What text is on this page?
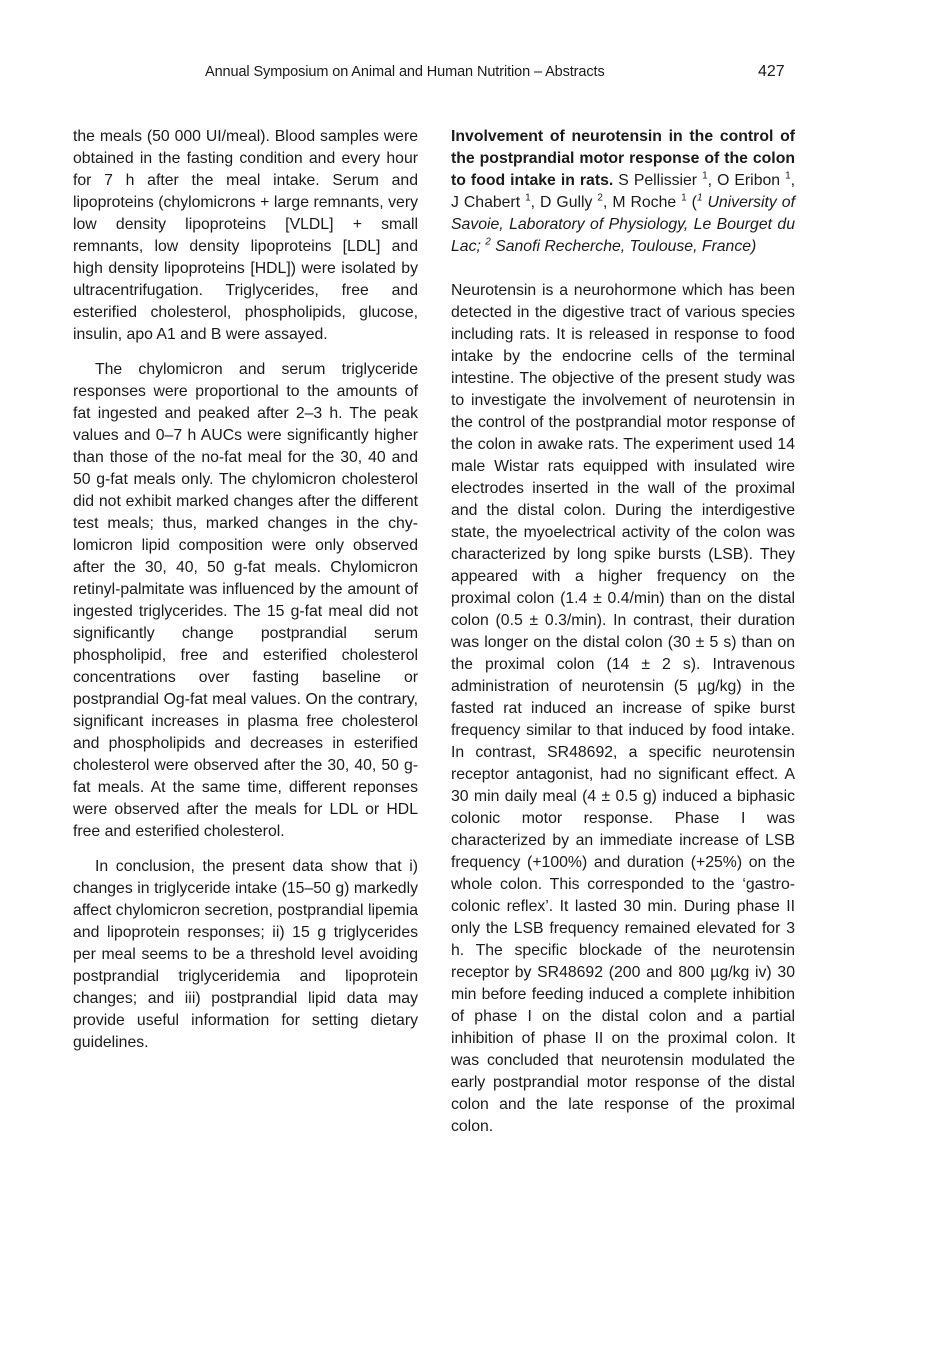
Annual Symposium on Animal and Human Nutrition – Abstracts	427

the meals (50 000 UI/meal). Blood samples were obtained in the fasting condition and every hour for 7 h after the meal intake. Serum and lipoproteins (chylomicrons + large remnants, very low density lipoproteins [VLDL] + small remnants, low density lipoproteins [LDL] and high density lipoproteins [HDL]) were isolated by ultracentrifugation. Triglycerides, free and esterified cholesterol, phospholipids, glucose, insulin, apo A1 and B were assayed.

The chylomicron and serum triglyceride responses were proportional to the amounts of fat ingested and peaked after 2–3 h. The peak values and 0–7 h AUCs were significantly higher than those of the no-fat meal for the 30, 40 and 50 g-fat meals only. The chylomicron cholesterol did not exhibit marked changes after the different test meals; thus, marked changes in the chylomicron lipid composition were only observed after the 30, 40, 50 g-fat meals. Chylomicron retinyl-palmitate was influenced by the amount of ingested triglycerides. The 15 g-fat meal did not significantly change postprandial serum phospholipid, free and esterified cholesterol concentrations over fasting baseline or postprandial Og-fat meal values. On the contrary, significant increases in plasma free cholesterol and phospholipids and decreases in esterified cholesterol were observed after the 30, 40, 50 g-fat meals. At the same time, different reponses were observed after the meals for LDL or HDL free and esterified cholesterol.

In conclusion, the present data show that i) changes in triglyceride intake (15–50 g) markedly affect chylomicron secretion, postprandial lipemia and lipoprotein responses; ii) 15 g triglycerides per meal seems to be a threshold level avoiding postprandial triglyceridemia and lipoprotein changes; and iii) postprandial lipid data may provide useful information for setting dietary guidelines.

Involvement of neurotensin in the control of the postprandial motor response of the colon to food intake in rats. S Pellissier $^1$, O Eribon $^1$, J Chabert $^1$, D Gully $^2$, M Roche $^1$ ($^1$ University of Savoie, Laboratory of Physiology, Le Bourget du Lac; $^2$ Sanofi Recherche, Toulouse, France)

Neurotensin is a neurohormone which has been detected in the digestive tract of various species including rats. It is released in response to food intake by the endocrine cells of the terminal intestine. The objective of the present study was to investigate the involvement of neurotensin in the control of the postprandial motor response of the colon in awake rats. The experiment used 14 male Wistar rats equipped with insulated wire electrodes inserted in the wall of the proximal and the distal colon. During the interdigestive state, the myoelectrical activity of the colon was characterized by long spike bursts (LSB). They appeared with a higher frequency on the proximal colon (1.4 ± 0.4/min) than on the distal colon (0.5 ± 0.3/min). In contrast, their duration was longer on the distal colon (30 ± 5 s) than on the proximal colon (14 ± 2 s). Intravenous administration of neurotensin (5 µg/kg) in the fasted rat induced an increase of spike burst frequency similar to that induced by food intake. In contrast, SR48692, a specific neurotensin receptor antagonist, had no significant effect. A 30 min daily meal (4 ± 0.5 g) induced a biphasic colonic motor response. Phase I was characterized by an immediate increase of LSB frequency (+100%) and duration (+25%) on the whole colon. This corresponded to the ‘gastrocolonic reflex’. It lasted 30 min. During phase II only the LSB frequency remained elevated for 3 h. The specific blockade of the neurotensin receptor by SR48692 (200 and 800 µg/kg iv) 30 min before feeding induced a complete inhibition of phase I on the distal colon and a partial inhibition of phase II on the proximal colon. It was concluded that neurotensin modulated the early postprandial motor response of the distal colon and the late response of the proximal colon.
